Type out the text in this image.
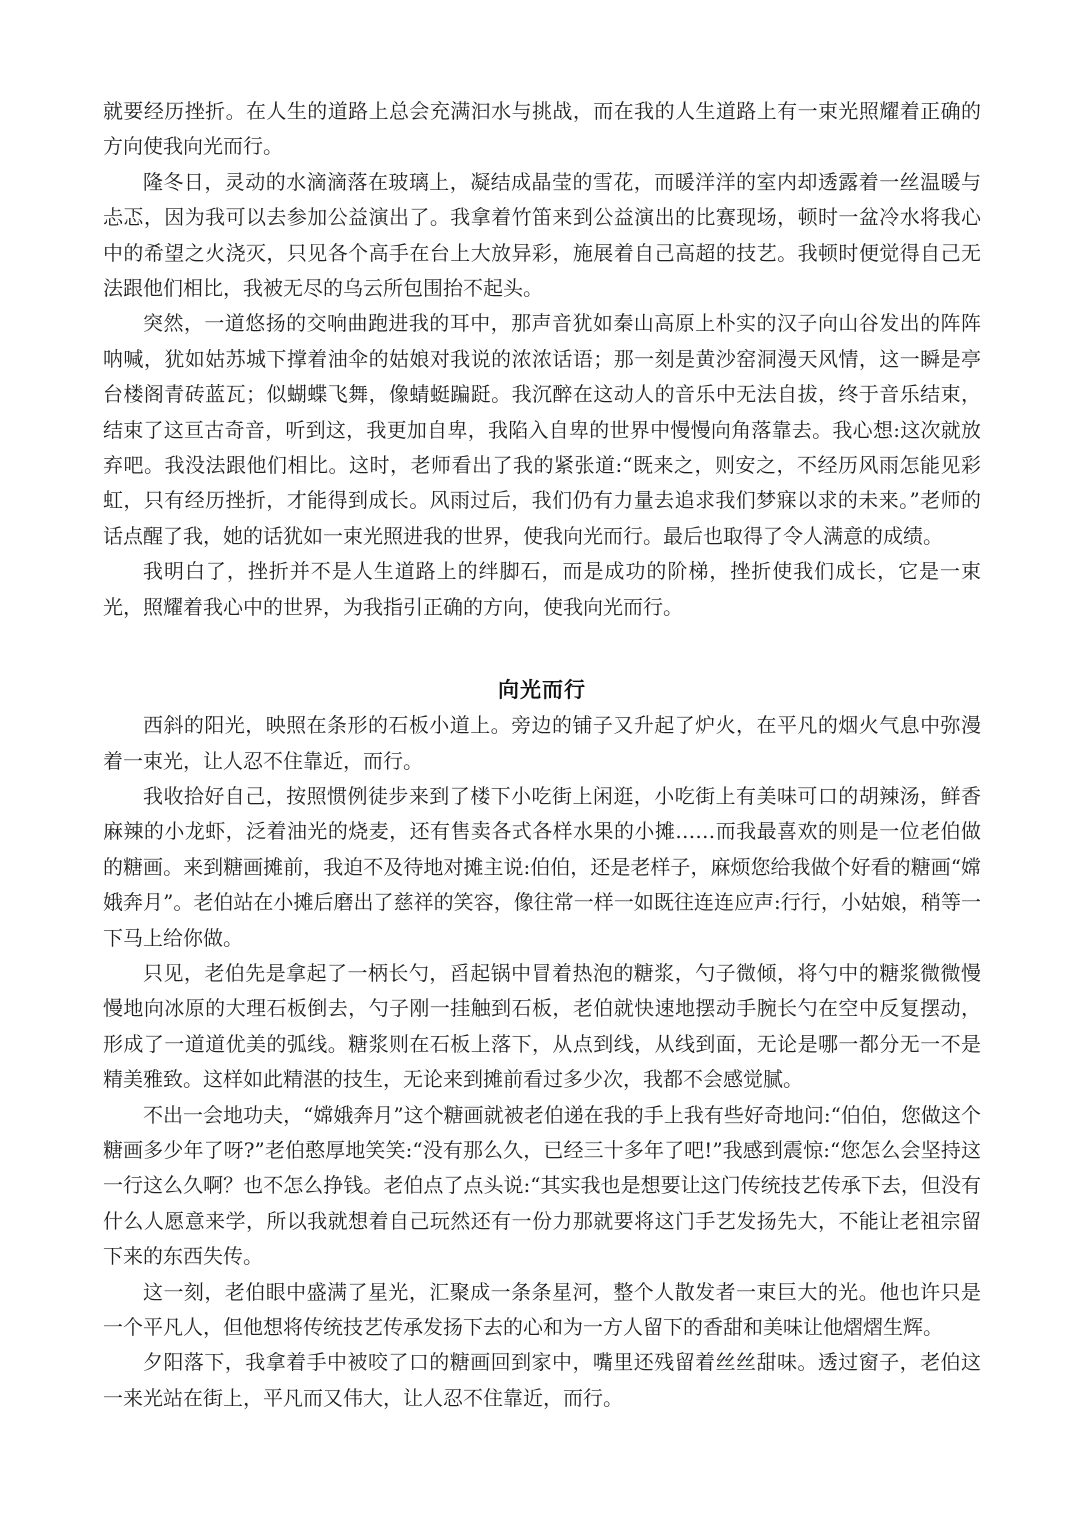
就要经历挫折。在人生的道路上总会充满汩水与挑战，而在我的人生道路上有一束光照耀着正确的方向使我向光而行。

隆冬日，灵动的水滴滴落在玻璃上，凝结成晶莹的雪花，而暖洋洋的室内却透露着一丝温暖与忐忑，因为我可以去参加公益演出了。我拿着竹笛来到公益演出的比赛现场，顿时一盆冷水将我心中的希望之火浇灭，只见各个高手在台上大放异彩，施展着自己高超的技艺。我顿时便觉得自己无法跟他们相比，我被无尽的乌云所包围抬不起头。

突然，一道悠扬的交响曲跑进我的耳中，那声音犹如秦山高原上朴实的汉子向山谷发出的阵阵呐喊，犹如姑苏城下撑着油伞的姑娘对我说的浓浓话语；那一刻是黄沙窑洞漫天风情，这一瞬是亭台楼阁青砖蓝瓦；似蝴蝶飞舞，像蜻蜓蹁跹。我沉醉在这动人的音乐中无法自拔，终于音乐结束，结束了这亘古奇音，听到这，我更加自卑，我陷入自卑的世界中慢慢向角落靠去。我心想:这次就放弃吧。我没法跟他们相比。这时，老师看出了我的紧张道:“既来之，则安之，不经历风雨怎能见彩虹，只有经历挫折，才能得到成长。风雨过后，我们仍有力量去追求我们梦寐以求的未来。”老师的话点醒了我，她的话犹如一束光照进我的世界，使我向光而行。最后也取得了令人满意的成绩。

我明白了，挫折并不是人生道路上的绊脚石，而是成功的阶梯，挫折使我们成长，它是一束光，照耀着我心中的世界，为我指引正确的方向，使我向光而行。

向光而行

西斜的阳光，映照在条形的石板小道上。旁边的铺子又升起了炉火，在平凡的烟火气息中弥漫着一束光，让人忍不住靠近，而行。

我收拾好自己，按照惯例徒步来到了楼下小吃街上闲逛，小吃街上有美味可口的胡辣汤，鲜香麻辣的小龙虾，泛着油光的烧麦，还有售卖各式各样水果的小摊……而我最喜欢的则是一位老伯做的糖画。来到糖画摊前，我迫不及待地对摊主说:伯伯，还是老样子，麻烦您给我做个好看的糖画“嫦娥奔月”。老伯站在小摊后磨出了慈祥的笑容，像往常一样一如既往连连应声:行行，小姑娘，稍等一下马上给你做。

只见，老伯先是拿起了一柄长勺，舀起锅中冒着热泡的糖浆，勺子微倾，将勺中的糖浆微微慢慢地向冰原的大理石板倒去，勺子刚一挂触到石板，老伯就快速地摆动手腕长勺在空中反复摆动，形成了一道道优美的弧线。糖浆则在石板上落下，从点到线，从线到面，无论是哪一都分无一不是精美雅致。这样如此精湛的技生，无论来到摊前看过多少次，我都不会感觉腻。

不出一会地功夫，“嫦娥奔月”这个糖画就被老伯递在我的手上我有些好奇地问:“伯伯，您做这个糖画多少年了呀?”老伯憨厚地笑笑:“没有那么久，已经三十多年了吧!”我感到震惊:“您怎么会坚持这一行这么久啊？也不怎么挣钱。老伯点了点头说:“其实我也是想要让这门传统技艺传承下去，但没有什么人愿意来学，所以我就想着自己玩然还有一份力那就要将这门手艺发扬先大，不能让老祖宗留下来的东西失传。

这一刻，老伯眼中盛满了星光，汇聚成一条条星河，整个人散发者一束巨大的光。他也许只是一个平凡人，但他想将传统技艺传承发扬下去的心和为一方人留下的香甜和美味让他熠熠生辉。

夕阳落下，我拿着手中被咬了口的糖画回到家中，嘴里还残留着丝丝甜味。透过窗子，老伯这一来光站在街上，平凡而又伟大，让人忍不住靠近，而行。
